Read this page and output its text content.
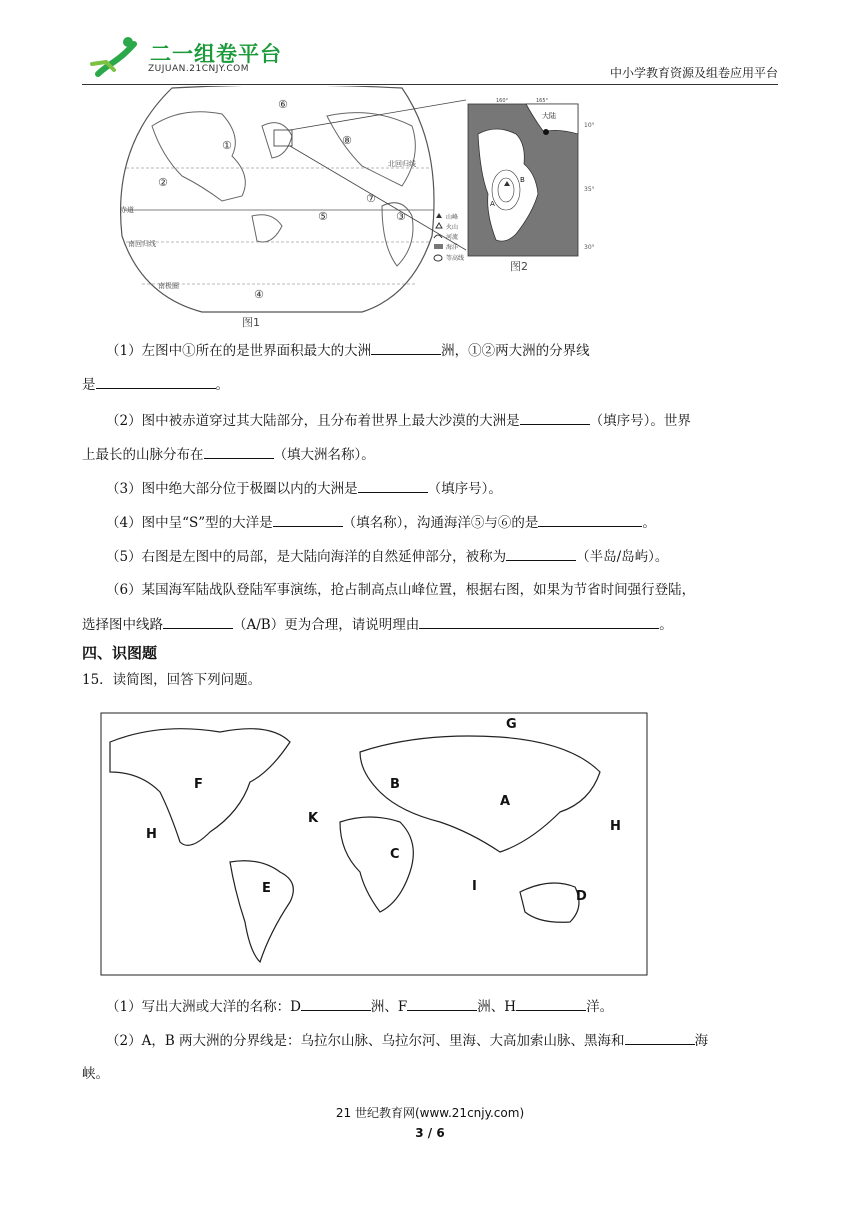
二一组卷平台
ZUJUAN.21CNJY.COM	中小学教育资源及组卷应用平台
①
②
③
④
⑤
⑥
⑦
⑧
赤道
北回归线
南回归线
南极圈
图1
山峰
火山
河流
海洋
等高线
160°	165°
大陆
A
B
图2
10°
35°
30°
（1）左图中①所在的是世界面积最大的大洲	洲，①②两大洲的分界线
是	。
（2）图中被赤道穿过其大陆部分，且分布着世界上最大沙漠的大洲是	（填序号）。世界
上最长的山脉分布在	（填大洲名称）。
（3）图中绝大部分位于极圈以内的大洲是	（填序号）。
（4）图中呈“S”型的大洋是	（填名称），沟通海洋⑤与⑥的是	。
（5）右图是左图中的局部，是大陆向海洋的自然延伸部分，被称为	（半岛/岛屿）。
（6）某国海军陆战队登陆军事演练，抢占制高点山峰位置，根据右图，如果为节省时间强行登陆，
选择图中线路	（A/B）更为合理，请说明理由	。
四、识图题
15．读简图，回答下列问题。
A
B
C
D
E
F
G
H
H
I
K
（1）写出大洲或大洋的名称：D	洲、F	洲、H	洋。
（2）A，B 两大洲的分界线是：乌拉尔山脉、乌拉尔河、里海、大高加索山脉、黑海和	海
峡。
21 世纪教育网(www.21cnjy.com)
3 / 6
